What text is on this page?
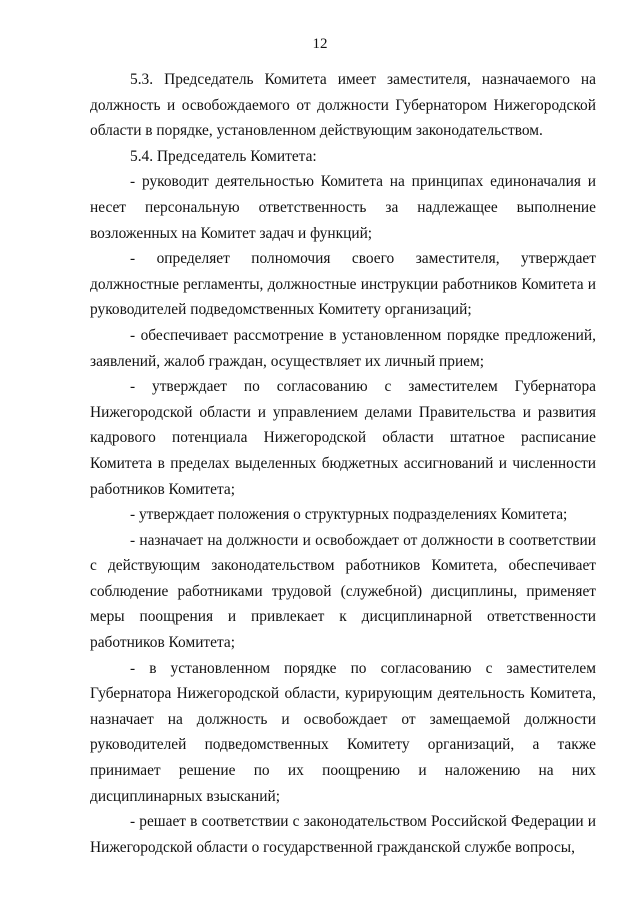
12

5.3. Председатель Комитета имеет заместителя, назначаемого на должность и освобождаемого от должности Губернатором Нижегородской области в порядке, установленном действующим законодательством.

5.4. Председатель Комитета:

- руководит деятельностью Комитета на принципах единоначалия и несет персональную ответственность за надлежащее выполнение возложенных на Комитет задач и функций;

- определяет полномочия своего заместителя, утверждает должностные регламенты, должностные инструкции работников Комитета и руководителей подведомственных Комитету организаций;

- обеспечивает рассмотрение в установленном порядке предложений, заявлений, жалоб граждан, осуществляет их личный прием;

- утверждает по согласованию с заместителем Губернатора Нижегородской области и управлением делами Правительства и развития кадрового потенциала Нижегородской области штатное расписание Комитета в пределах выделенных бюджетных ассигнований и численности работников Комитета;

- утверждает положения о структурных подразделениях Комитета;

- назначает на должности и освобождает от должности в соответствии с действующим законодательством работников Комитета, обеспечивает соблюдение работниками трудовой (служебной) дисциплины, применяет меры поощрения и привлекает к дисциплинарной ответственности работников Комитета;

- в установленном порядке по согласованию с заместителем Губернатора Нижегородской области, курирующим деятельность Комитета, назначает на должность и освобождает от замещаемой должности руководителей подведомственных Комитету организаций, а также принимает решение по их поощрению и наложению на них дисциплинарных взысканий;

- решает в соответствии с законодательством Российской Федерации и Нижегородской области о государственной гражданской службе вопросы,
